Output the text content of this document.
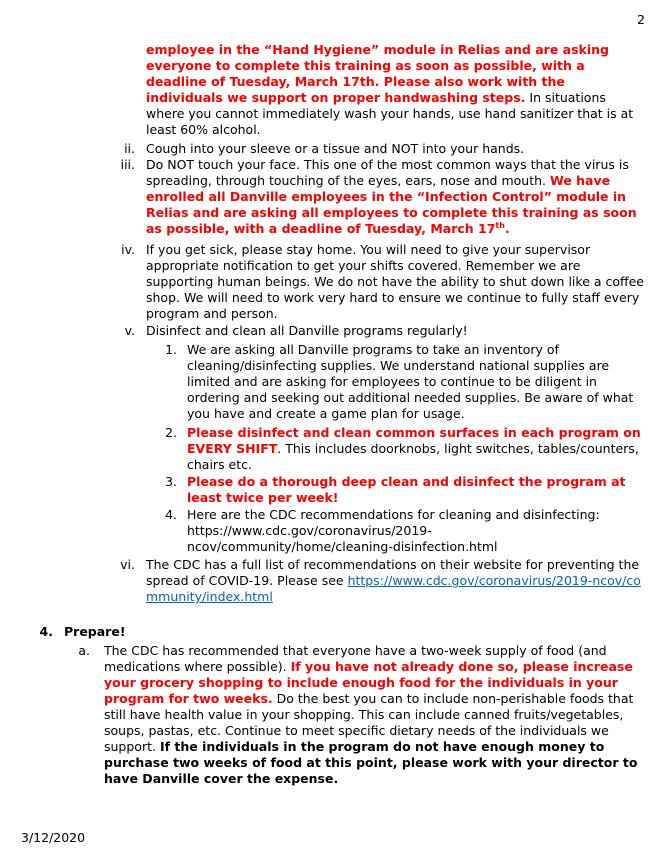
2

employee in the “Hand Hygiene” module in Relias and are asking everyone to complete this training as soon as possible, with a deadline of Tuesday, March 17th. Please also work with the individuals we support on proper handwashing steps. In situations where you cannot immediately wash your hands, use hand sanitizer that is at least 60% alcohol.

ii. Cough into your sleeve or a tissue and NOT into your hands.

iii. Do NOT touch your face. This one of the most common ways that the virus is spreading, through touching of the eyes, ears, nose and mouth. We have enrolled all Danville employees in the “Infection Control” module in Relias and are asking all employees to complete this training as soon as possible, with a deadline of Tuesday, March 17th.

iv. If you get sick, please stay home. You will need to give your supervisor appropriate notification to get your shifts covered. Remember we are supporting human beings. We do not have the ability to shut down like a coffee shop. We will need to work very hard to ensure we continue to fully staff every program and person.

v. Disinfect and clean all Danville programs regularly!

1. We are asking all Danville programs to take an inventory of cleaning/disinfecting supplies. We understand national supplies are limited and are asking for employees to continue to be diligent in ordering and seeking out additional needed supplies. Be aware of what you have and create a game plan for usage.

2. Please disinfect and clean common surfaces in each program on EVERY SHIFT. This includes doorknobs, light switches, tables/counters, chairs etc.

3. Please do a thorough deep clean and disinfect the program at least twice per week!

4. Here are the CDC recommendations for cleaning and disinfecting:

https://www.cdc.gov/coronavirus/2019-

ncov/community/home/cleaning-disinfection.html

vi. The CDC has a full list of recommendations on their website for preventing the spread of COVID-19. Please see https://www.cdc.gov/coronavirus/2019-ncov/community/index.html

4. Prepare!
a. The CDC has recommended that everyone have a two-week supply of food (and medications where possible). If you have not already done so, please increase your grocery shopping to include enough food for the individuals in your program for two weeks. Do the best you can to include non-perishable foods that still have health value in your shopping. This can include canned fruits/vegetables, soups, pastas, etc. Continue to meet specific dietary needs of the individuals we support. If the individuals in the program do not have enough money to purchase two weeks of food at this point, please work with your director to have Danville cover the expense.

3/12/2020
